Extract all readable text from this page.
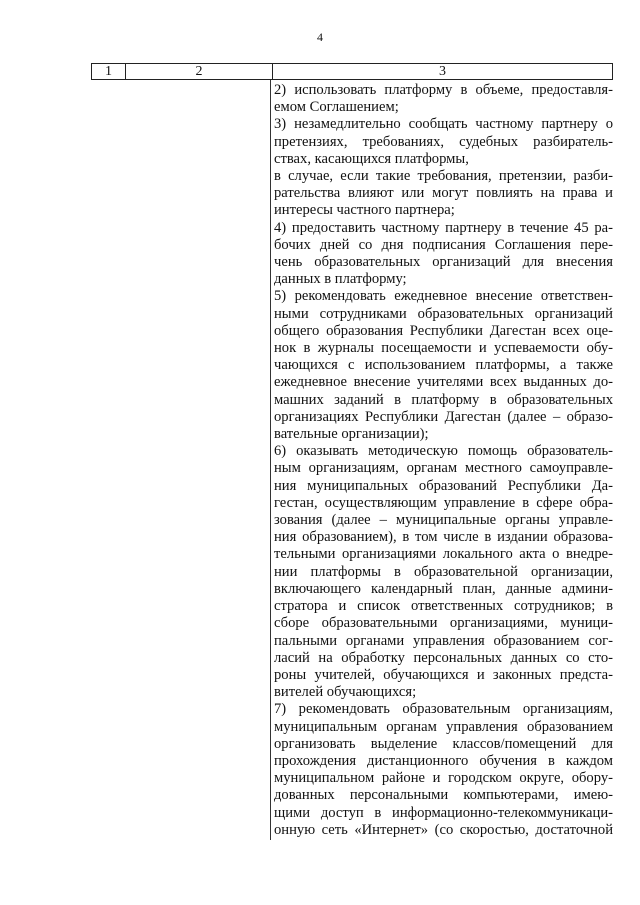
4
1	2	3
2) использовать платформу в объеме, предоставля-
емом Соглашением;
3) незамедлительно сообщать частному партнеру о
претензиях, требованиях, судебных разбиратель-
ствах, касающихся платформы,
в случае, если такие требования, претензии, разби-
рательства влияют или могут повлиять на права и
интересы частного партнера;
4) предоставить частному партнеру в течение 45 ра-
бочих дней со дня подписания Соглашения пере-
чень образовательных организаций для внесения
данных в платформу;
5) рекомендовать ежедневное внесение ответствен-
ными сотрудниками образовательных организаций
общего образования Республики Дагестан всех оце-
нок в журналы посещаемости и успеваемости обу-
чающихся с использованием платформы, а также
ежедневное внесение учителями всех выданных до-
машних заданий в платформу в образовательных
организациях Республики Дагестан (далее – образо-
вательные организации);
6) оказывать методическую помощь образователь-
ным организациям, органам местного самоуправле-
ния муниципальных образований Республики Да-
гестан, осуществляющим управление в сфере обра-
зования (далее – муниципальные органы управле-
ния образованием), в том числе в издании образова-
тельными организациями локального акта о внедре-
нии платформы в образовательной организации,
включающего календарный план, данные админи-
стратора и список ответственных сотрудников; в
сборе образовательными организациями, муници-
пальными органами управления образованием сог-
ласий на обработку персональных данных со сто-
роны учителей, обучающихся и законных предста-
вителей обучающихся;
7) рекомендовать образовательным организациям,
муниципальным органам управления образованием
организовать выделение классов/помещений для
прохождения дистанционного обучения в каждом
муниципальном районе и городском округе, обору-
дованных персональными компьютерами, имею-
щими доступ в информационно-телекоммуникаци-
онную сеть «Интернет» (со скоростью, достаточной
